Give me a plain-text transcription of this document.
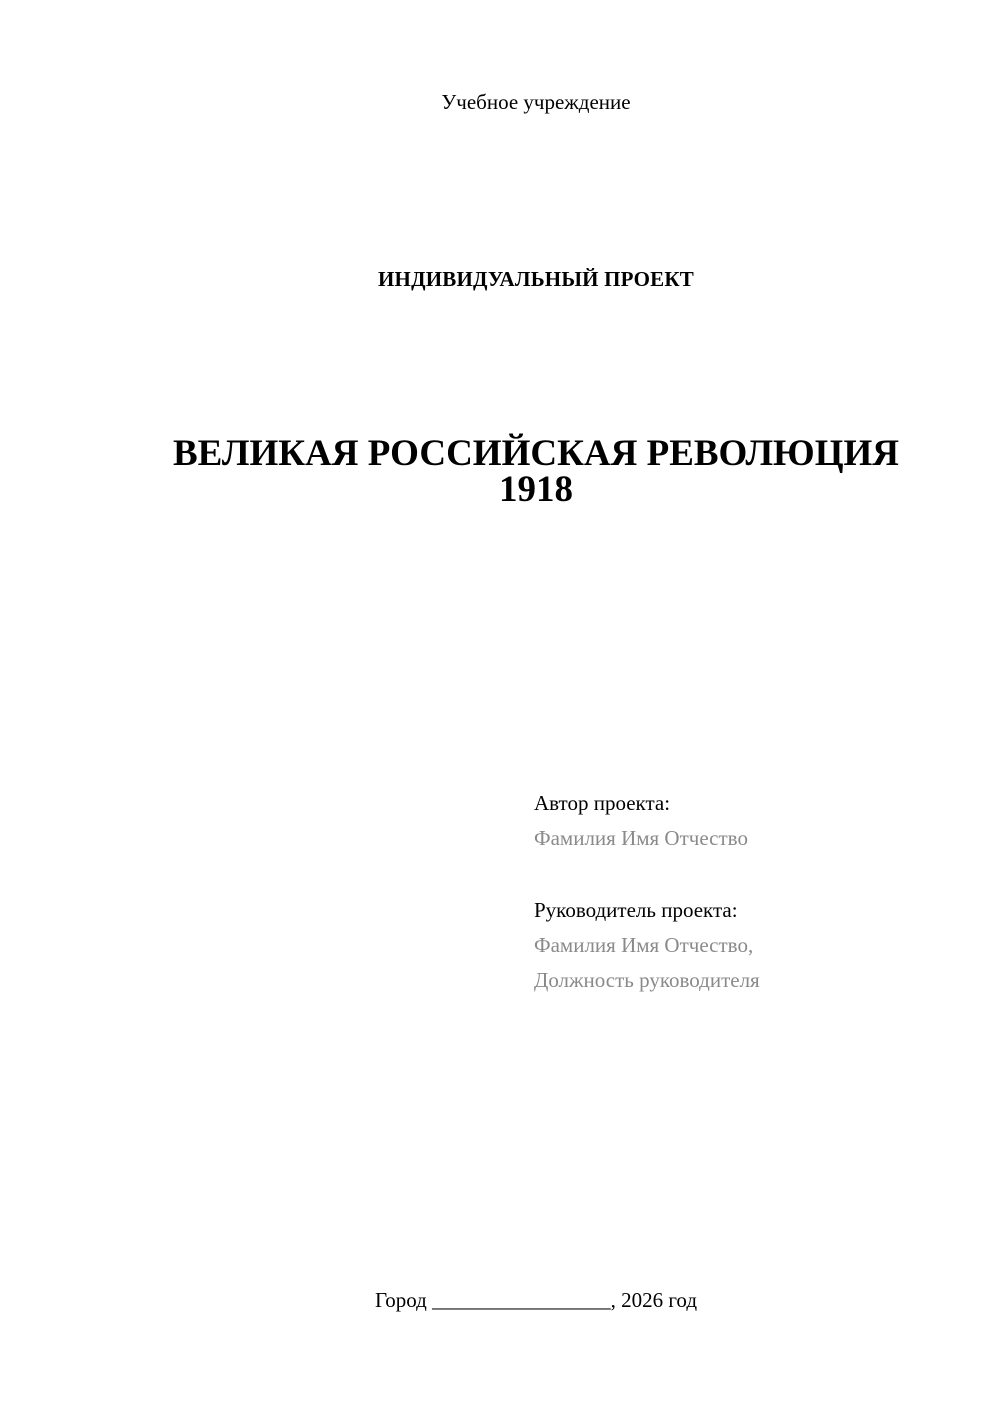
Учебное учреждение
ИНДИВИДУАЛЬНЫЙ ПРОЕКТ
ВЕЛИКАЯ РОССИЙСКАЯ РЕВОЛЮЦИЯ
1918
Автор проекта:
Фамилия Имя Отчество
Руководитель проекта:
Фамилия Имя Отчество,
Должность руководителя
Город _________________, 2026 год
